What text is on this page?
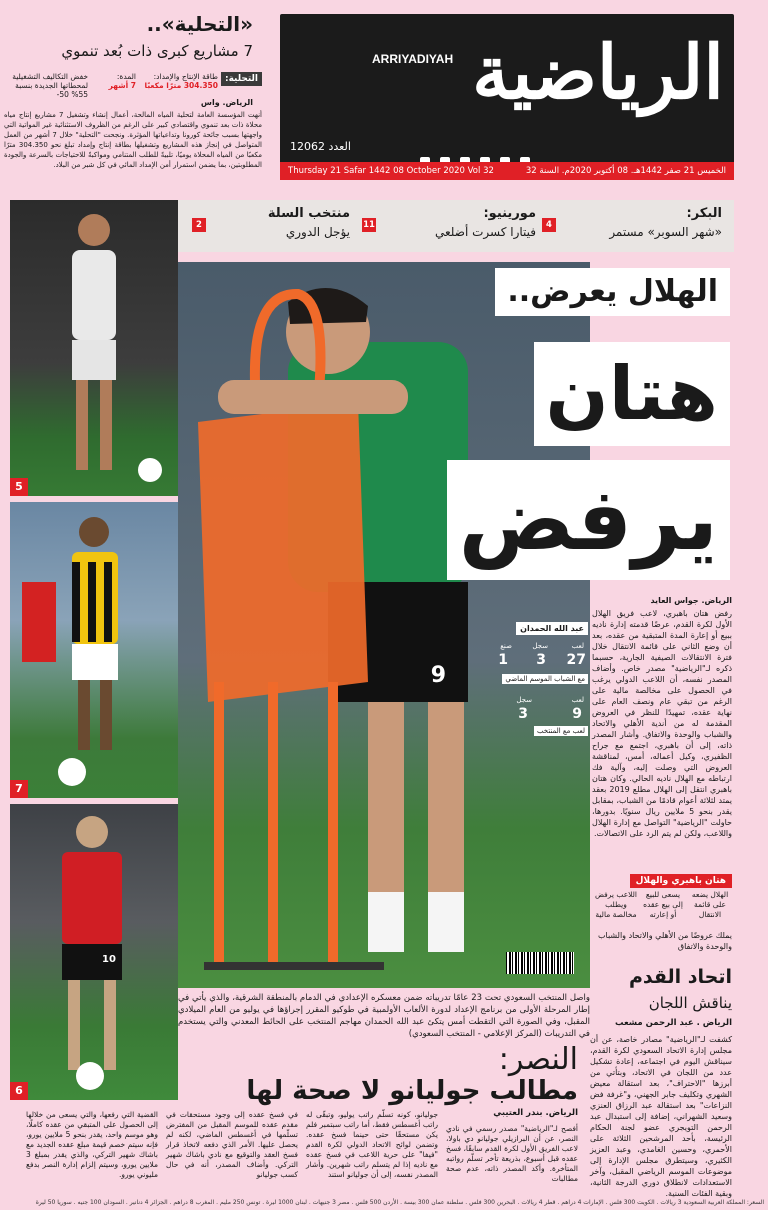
الرياضية
ARRIYADIYAH
العدد 12062
الخميس 21 صفر 1442هـ. 08 أكتوبر 2020م. السنة 32
Thursday 21 Safar 1442 08 October 2020 Vol 32
«التحلية»..
7 مشاريع كبرى ذات بُعد تنموي
التحلية:
طاقة الإنتاج والإمداد:
304.350 مترًا مكعبًا
المدة:
7 أشهر
خفض التكاليف التشغيلية
لمحطاتها الجديدة بنسبة 55% 50-
الرياض. واس
أنهت المؤسسة العامة لتحلية المياه المالحة، أعمال إنشاء وتشغيل 7 مشاريع إنتاج مياه محلاة ذات بعد تنموي واقتصادي كبير على الرغم من الظروف الاستثنائية غير المواتية التي واجهتها بسبب جائحة كورونا وتداعياتها المؤثرة. ونجحت "التحلية" خلال 7 أشهر من العمل المتواصل في إنجاز هذه المشاريع وتشغيلها بطاقة إنتاج وإمداد تبلغ نحو 304.350 مترًا مكعبًا من المياه المحلاة يوميًا، تلبيةً للطلب المتنامي ومواكبةً للاحتياجات بالسرعة والجودة المطلوبتين، بما يضمن استمرار أمن الإمداد المائي في كل شبر من البلاد.
البكر:
«شهر السوبر» مستمر
4
مورينيو:
فيتارا كسرت أضلعي
11
منتخب السلة
يؤجل الدوري
2
5
7
10
6
9
عبد الله الحمدان
لعب
سجل
صنع
27
3
1
مع الشباب الموسم الماضي
لعب
سجل
9
3
لعب مع المنتخب
الهلال يعرض..
هتان
يرفض
الرياض. جواس العايد
رفض هتان باهبري، لاعب فريق الهلال الأول لكرة القدم، عرضًا قدمته إدارة ناديه ببيع أو إعارة المدة المتبقية من عقده، بعد أن وضع الثاني على قائمة الانتقال خلال فترة الانتقالات الصيفية الجارية، حسبما ذكره لـ"الرياضية" مصدر خاص. وأضاف المصدر نفسه، أن اللاعب الدولي يرغب في الحصول على مخالصة مالية على الرغم من تبقي عام ونصف العام على نهاية عقده، تمهيدًا للنظر في العروض المقدمة له من أندية الأهلي والاتحاد والشباب والوحدة والاتفاق. وأشار المصدر ذاته، إلى أن باهبري، اجتمع مع جراح الظفيري، وكيل أعماله، أمس، لمناقشة العروض التي وصلت إليه، وآلية فك ارتباطه مع الهلال ناديه الحالي. وكان هتان باهبري انتقل إلى الهلال مطلع 2019 بعقد يمتد لثلاثة أعوام قادمًا من الشباب، بمقابل يقدر بنحو 5 ملايين ريال سنويًا. بدورها، حاولت "الرياضية" التواصل مع إدارة الهلال واللاعب، ولكن لم يتم الرد على الاتصالات.
هتان باهبري والهلال
الهلال يضعه على قائمة الانتقال
يسعى للبيع إلى بيع عقده أو إعارته
اللاعب يرفض ويطلب مخالصة مالية
يملك عروضًا من الأهلي والاتحاد والشباب والوحدة والاتفاق
واصل المنتخب السعودي تحت 23 عامًا تدريباته ضمن معسكره الإعدادي في الدمام بالمنطقة الشرقية، والذي يأتي في إطار المرحلة الأولى من برنامج الإعداد لدورة الألعاب الأولمبية في طوكيو المقرر إجراؤها في يوليو من العام الميلادي المقبل، وفي الصورة التي التقطت أمس يتكئ عبد الله الحمدان مهاجم المنتخب على الحائط المعدني والتي يستخدم في التدريبات (المركز الإعلامي - المنتخب السعودي)
اتحاد القدم
يناقش اللجان
الرياض . عبد الرحمن مشعب
كشفت لـ"الرياضية" مصادر خاصة، عن أن مجلس إدارة الاتحاد السعودي لكرة القدم، سيناقش اليوم في اجتماعه، إعادة تشكيل عدد من اللجان في الاتحاد، وبتأتي من أبرزها "الاحتراف"، بعد استقالة معيض الشهري وتكليف جابر الجهني، و"غرفة فض النزاعات" بعد استقالة عبد الرزاق العنزي وسعيد الشهراني، إضافة إلى استبدال عبد الرحمن التويجري عضو لجنة الحكام الرئيسة، بأحد المرشحين الثلاثة على الأحمري، وحسين الغامدي، وعبد العزيز الكثيري، وسيتطرق مجلس الإدارة إلى موضوعات الموسم الرياضي المقبل، وآخر الاستعدادات لانطلاق دوري الدرجة الثانية، وبقية الفئات السنية.
النصر:
مطالب جوليانو لا صحة لها
الرياض. بندر العتيبي
أفصح لـ"الرياضية" مصدر رسمي في نادي النصر، عن أن البرازيلي جوليانو دي باولا، لاعب الفريق الأول لكرة القدم سابقًا، فسخ عقده قبل أسبوع، بذريعة تأخر تسلّم رواتبه المتأخرة. وأكد المصدر ذاته، عدم صحة مطالبات
جوليانو، كونه تسلّم راتب يوليو، وتبقّى له راتب أغسطس فقط، أما راتب سبتمبر فلم يكن مستحقًا حتى حينما فسخ عقده. وتضمن لوائح الاتحاد الدولي لكرة القدم "فيفا" على حرية اللاعب في فسخ عقده مع ناديه إذا لم يتسلم راتب شهرين. وأشار المصدر نفسه، إلى أن جوليانو استند
في فسخ عقده إلى وجود مستحقات في مقدم عقده للموسم المقبل من المفترض تسلّمها في أغسطس الماضي، لكنه لم يحصل عليها. الأمر الذي دفعه لاتخاذ قرار فسخ العقد والتوقيع مع نادي باشاك شهير التركي. وأضاف المصدر، أنه في حال كسب جوليانو
القضية التي رفعها، والتي يسعى من خلالها إلى الحصول على المتبقي من عقده كاملًا، وهو موسم واحد، يقدر بنحو 5 ملايين يورو، فإنه سيتم خصم قيمة مبلغ عقده الجديد مع باشاك شهير التركي، والذي يقدر بمبلغ 3 ملايين يورو، وسيتم إلزام إدارة النصر بدفع مليوني يورو.
السعر: المملكة العربية السعودية 3 ريالات . الكويت 300 فلس . الإمارات 4 دراهم . قطر 4 ريالات . البحرين 300 فلس . سلطنة عمان 300 بيسة . الأردن 500 فلس . مصر 3 جنيهات . لبنان 1000 ليرة . تونس 250 مليم . المغرب 8 دراهم . الجزائر 4 دنانير . السودان 100 جنيه . سوريا 50 ليرة
